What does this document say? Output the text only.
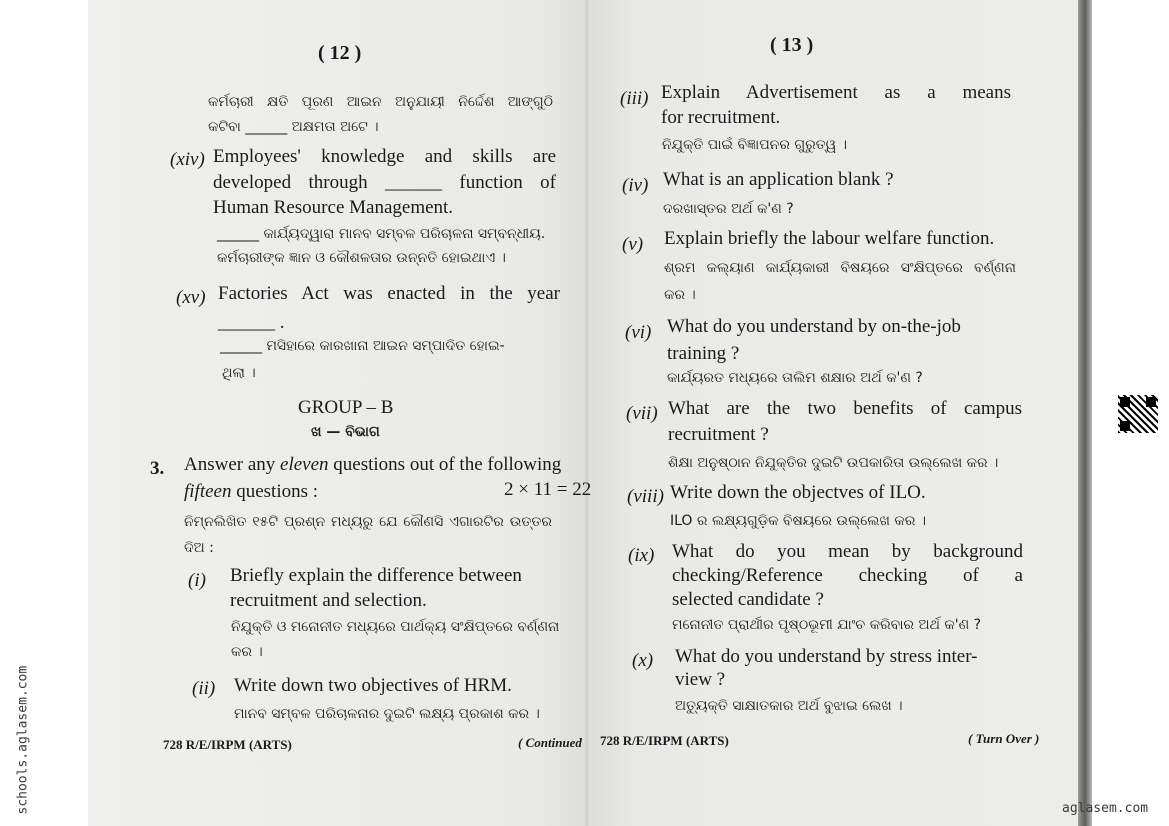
( 12 )
କର୍ମଚାରୀ କ୍ଷତି ପୂରଣ ଆଇନ ଅନୁଯାୟୀ ନିର୍ଦ୍ଦେଶ ଆଙ୍ଗୁଠି
କଟିବା ______ ଅକ୍ଷମତା ଅଟେ ।
(xiv) Employees' knowledge and skills are
developed through ______ function of
Human Resource Management.
______ କାର୍ଯ୍ୟଦ୍ୱାରା ମାନବ ସମ୍ବଳ ପରିଚାଳନା ସମ୍ବନ୍ଧୀୟ.
କର୍ମଚାରୀଙ୍କ ଜ୍ଞାନ ଓ କୌଶଳତାର ଉନ୍ନତି ହୋଇଥାଏ ।
(xv) Factories Act was enacted in the year
______ .
______ ମସିହାରେ କାରଖାନା ଆଇନ ସମ୍ପାଦିତ ହୋଇ-
ଥିଲା ।
GROUP – B
ଖ — ବିଭାଗ
3. Answer any eleven questions out of the following
fifteen questions :	2 × 11 = 22
ନିମ୍ନଲିଖିତ ୧୫ଟି ପ୍ରଶ୍ନ ମଧ୍ୟରୁ ଯେ କୌଣସି ଏଗାରଟିର ଉତ୍ତର
ଦିଅ :
(i) Briefly explain the difference between
recruitment and selection.
ନିଯୁକ୍ତି ଓ ମନୋନୀତ ମଧ୍ୟରେ ପାର୍ଥକ୍ୟ ସଂକ୍ଷିପ୍ତରେ ବର୍ଣ୍ଣନା
କର ।
(ii) Write down two objectives of HRM.
ମାନବ ସମ୍ବଳ ପରିଚାଳନାର ଦୁଇଟି ଲକ୍ଷ୍ୟ ପ୍ରକାଶ କର ।
728 R/E/IRPM (ARTS)	( Continued
( 13 )
(iii) Explain Advertisement as a means
for recruitment.
ନିଯୁକ୍ତି ପାଇଁ ବିଜ୍ଞାପନର ଗୁରୁତ୍ୱ ।
(iv) What is an application blank ?
ଦରଖାସ୍ତର ଅର୍ଥ କ'ଣ ?
(v) Explain briefly the labour welfare function.
ଶ୍ରମ କଲ୍ୟାଣ କାର୍ଯ୍ୟକାରୀ ବିଷୟରେ ସଂକ୍ଷିପ୍ତରେ ବର୍ଣ୍ଣନା
କର ।
(vi) What do you understand by on-the-job
training ?
କାର୍ଯ୍ୟରତ ମଧ୍ୟରେ ତାଲିମ ଶକ୍ଷାର ଅର୍ଥ କ'ଣ ?
(vii) What are the two benefits of campus
recruitment ?
ଶିକ୍ଷା ଅନୁଷ୍ଠାନ ନିଯୁକ୍ତିର ଦୁଇଟି ଉପକାରିତା ଉଲ୍ଲେଖ କର ।
(viii) Write down the objectves of ILO.
ILO ର ଲକ୍ଷ୍ୟଗୁଡ଼ିକ ବିଷୟରେ ଉଲ୍ଲେଖ କର ।
(ix) What do you mean by background
checking/Reference checking of a
selected candidate ?
ମନୋନୀତ ପ୍ରାର୍ଥୀର ପୃଷ୍ଠଭୂମୀ ଯାଂଚ କରିବାର ଅର୍ଥ କ'ଣ ?
(x) What do you understand by stress inter-
view ?
ଅତ୍ୟୁକ୍ତି ସାକ୍ଷାତକାର ଅର୍ଥ ବୁଝାଇ ଲେଖ ।
728 R/E/IRPM (ARTS)	( Turn Over )
schools.aglasem.com	aglasem.com
